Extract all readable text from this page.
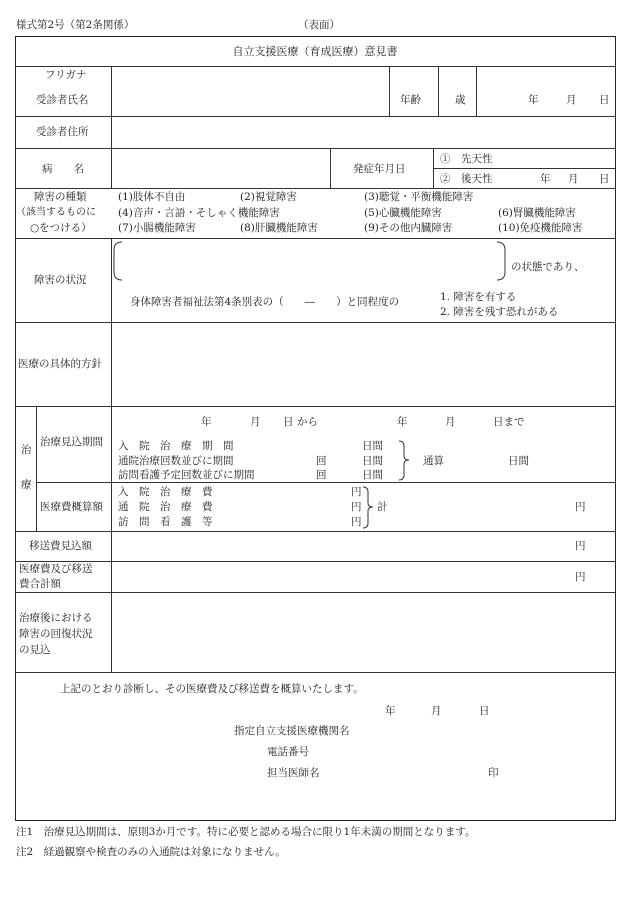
様式第2号（第2条関係）	（表面）
自立支援医療（育成医療）意見書
フリガナ
受診者氏名	年齢	歳	年	月 日
受診者住所
病　　名	発症年月日
①　先天性
②　後天性	年 月 日
障害の種類
（該当するものに
○をつける）
(1)肢体不自由	(2)視覚障害	(3)聴覚・平衡機能障害
(4)音声・言語・そしゃく機能障害	(5)心臓機能障害	(6)腎臓機能障害
(7)小腸機能障害	(8)肝臓機能障害	(9)その他内臓障害	(10)免疫機能障害
障害の状況
の状態であり、
身体障害者福祉法第4条別表の（　　―　　）と同程度の	1. 障害を有する
2. 障害を残す恐れがある
医療の具体的方針
治
療
治療見込期間
年	月 日 から	年	月	日まで
入　院　治　療　期　間	日間
通院治療回数並びに期間	回	日間
訪問看護予定回数並びに期間	回	日間
通算	日間
医療費概算額
入　院　治　療　費	円
通　院　治　療　費	円
訪　問　看　護　等	円
計	円
移送費見込額	円
医療費及び移送
費合計額
円
治療後における
障害の回復状況
の見込
上記のとおり診断し、その医療費及び移送費を概算いたします。
年	月	日
指定自立支援医療機関名
電話番号
担当医師名	印
注1　治療見込期間は、原則3か月です。特に必要と認める場合に限り1年未満の期間となります。
注2　経過観察や検査のみの入通院は対象になりません。
